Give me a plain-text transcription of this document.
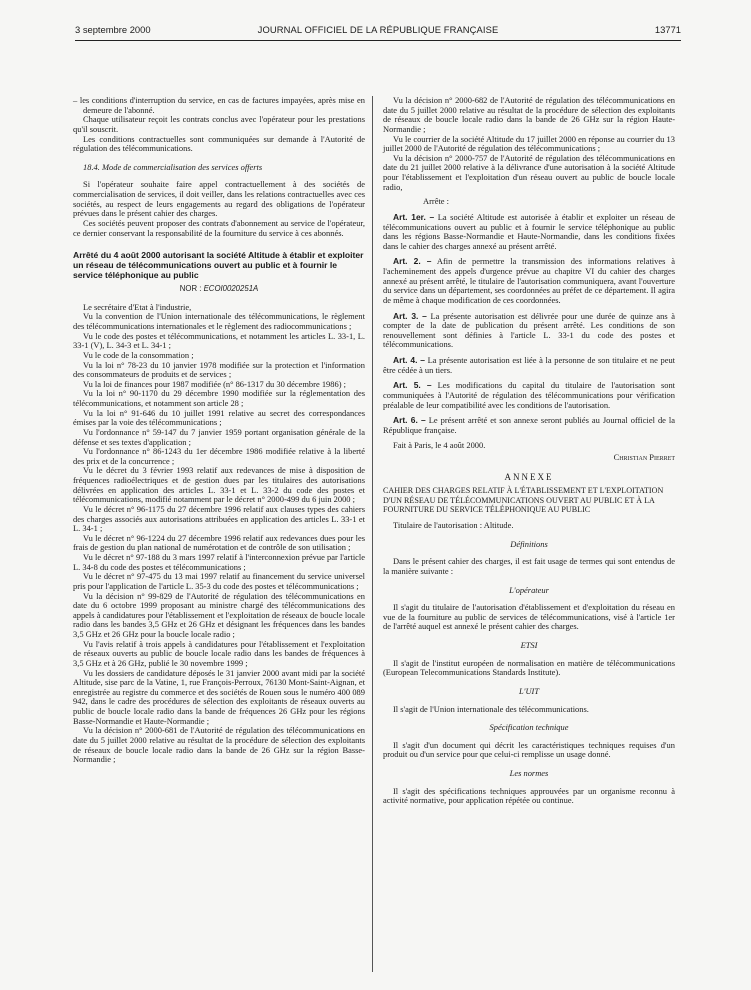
3 septembre 2000	JOURNAL OFFICIEL DE LA RÉPUBLIQUE FRANÇAISE	13771

– les conditions d'interruption du service, en cas de factures impayées, après mise en demeure de l'abonné.

Chaque utilisateur reçoit les contrats conclus avec l'opérateur pour les prestations qu'il souscrit.

Les conditions contractuelles sont communiquées sur demande à l'Autorité de régulation des télécommunications.

18.4. Mode de commercialisation des services offerts

Si l'opérateur souhaite faire appel contractuellement à des sociétés de commercialisation de services, il doit veiller, dans les relations contractuelles avec ces sociétés, au respect de leurs engagements au regard des obligations de l'opérateur prévues dans le présent cahier des charges.

Ces sociétés peuvent proposer des contrats d'abonnement au service de l'opérateur, ce dernier conservant la responsabilité de la fourniture du service à ces abonnés.

Arrêté du 4 août 2000 autorisant la société Altitude à établir et exploiter un réseau de télécommunications ouvert au public et à fournir le service téléphonique au public

NOR : ECOI0020251A

Le secrétaire d'Etat à l'industrie,

Vu la convention de l'Union internationale des télécommunications, le règlement des télécommunications internationales et le règlement des radiocommunications ;

Vu le code des postes et télécommunications, et notamment les articles L. 33-1, L. 33-1 (V), L. 34-3 et L. 34-1 ;

Vu le code de la consommation ;

Vu la loi n° 78-23 du 10 janvier 1978 modifiée sur la protection et l'information des consommateurs de produits et de services ;

Vu la loi de finances pour 1987 modifiée (n° 86-1317 du 30 décembre 1986) ;

Vu la loi n° 90-1170 du 29 décembre 1990 modifiée sur la réglementation des télécommunications, et notamment son article 28 ;

Vu la loi n° 91-646 du 10 juillet 1991 relative au secret des correspondances émises par la voie des télécommunications ;

Vu l'ordonnance n° 59-147 du 7 janvier 1959 portant organisation générale de la défense et ses textes d'application ;

Vu l'ordonnance n° 86-1243 du 1er décembre 1986 modifiée relative à la liberté des prix et de la concurrence ;

Vu le décret du 3 février 1993 relatif aux redevances de mise à disposition de fréquences radioélectriques et de gestion dues par les titulaires des autorisations délivrées en application des articles L. 33-1 et L. 33-2 du code des postes et télécommunications, modifié notamment par le décret n° 2000-499 du 6 juin 2000 ;

Vu le décret n° 96-1175 du 27 décembre 1996 relatif aux clauses types des cahiers des charges associés aux autorisations attribuées en application des articles L. 33-1 et L. 34-1 ;

Vu le décret n° 96-1224 du 27 décembre 1996 relatif aux redevances dues pour les frais de gestion du plan national de numérotation et de contrôle de son utilisation ;

Vu le décret n° 97-188 du 3 mars 1997 relatif à l'interconnexion prévue par l'article L. 34-8 du code des postes et télécommunications ;

Vu le décret n° 97-475 du 13 mai 1997 relatif au financement du service universel pris pour l'application de l'article L. 35-3 du code des postes et télécommunications ;

Vu la décision n° 99-829 de l'Autorité de régulation des télécommunications en date du 6 octobre 1999 proposant au ministre chargé des télécommunications des appels à candidatures pour l'établissement et l'exploitation de réseaux de boucle locale radio dans les bandes 3,5 GHz et 26 GHz et désignant les fréquences dans les bandes 3,5 GHz et 26 GHz pour la boucle locale radio ;

Vu l'avis relatif à trois appels à candidatures pour l'établissement et l'exploitation de réseaux ouverts au public de boucle locale radio dans les bandes de fréquences à 3,5 GHz et à 26 GHz, publié le 30 novembre 1999 ;

Vu les dossiers de candidature déposés le 31 janvier 2000 avant midi par la société Altitude, sise parc de la Vatine, 1, rue François-Perroux, 76130 Mont-Saint-Aignan, et enregistrée au registre du commerce et des sociétés de Rouen sous le numéro 400 089 942, dans le cadre des procédures de sélection des exploitants de réseaux ouverts au public de boucle locale radio dans la bande de fréquences 26 GHz pour les régions Basse-Normandie et Haute-Normandie ;

Vu la décision n° 2000-681 de l'Autorité de régulation des télécommunications en date du 5 juillet 2000 relative au résultat de la procédure de sélection des exploitants de réseaux de boucle locale radio dans la bande de 26 GHz sur la région Basse-Normandie ;

Vu la décision n° 2000-682 de l'Autorité de régulation des télécommunications en date du 5 juillet 2000 relative au résultat de la procédure de sélection des exploitants de réseaux de boucle locale radio dans la bande de 26 GHz sur la région Haute-Normandie ;

Vu le courrier de la société Altitude du 17 juillet 2000 en réponse au courrier du 13 juillet 2000 de l'Autorité de régulation des télécommunications ;

Vu la décision n° 2000-757 de l'Autorité de régulation des télécommunications en date du 21 juillet 2000 relative à la délivrance d'une autorisation à la société Altitude pour l'établissement et l'exploitation d'un réseau ouvert au public de boucle locale radio,

Arrête :

Art. 1er. – La société Altitude est autorisée à établir et exploiter un réseau de télécommunications ouvert au public et à fournir le service téléphonique au public dans les régions Basse-Normandie et Haute-Normandie, dans les conditions fixées dans le cahier des charges annexé au présent arrêté.

Art. 2. – Afin de permettre la transmission des informations relatives à l'acheminement des appels d'urgence prévue au chapitre VI du cahier des charges annexé au présent arrêté, le titulaire de l'autorisation communiquera, avant l'ouverture du service dans un département, ses coordonnées au préfet de ce département. Il agira de même à chaque modification de ces coordonnées.

Art. 3. – La présente autorisation est délivrée pour une durée de quinze ans à compter de la date de publication du présent arrêté. Les conditions de son renouvellement sont définies à l'article L. 33-1 du code des postes et télécommunications.

Art. 4. – La présente autorisation est liée à la personne de son titulaire et ne peut être cédée à un tiers.

Art. 5. – Les modifications du capital du titulaire de l'autorisation sont communiquées à l'Autorité de régulation des télécommunications pour vérification préalable de leur compatibilité avec les conditions de l'autorisation.

Art. 6. – Le présent arrêté et son annexe seront publiés au Journal officiel de la République française.

Fait à Paris, le 4 août 2000.

Christian Pierret

ANNEXE

CAHIER DES CHARGES RELATIF À L'ÉTABLISSEMENT ET L'EXPLOITATION D'UN RÉSEAU DE TÉLÉCOMMUNICATIONS OUVERT AU PUBLIC ET À LA FOURNITURE DU SERVICE TÉLÉPHONIQUE AU PUBLIC

Titulaire de l'autorisation : Altitude.

Définitions

Dans le présent cahier des charges, il est fait usage de termes qui sont entendus de la manière suivante :

L'opérateur

Il s'agit du titulaire de l'autorisation d'établissement et d'exploitation du réseau en vue de la fourniture au public de services de télécommunications, visé à l'article 1er de l'arrêté auquel est annexé le présent cahier des charges.

ETSI

Il s'agit de l'institut européen de normalisation en matière de télécommunications (European Telecommunications Standards Institute).

L'UIT

Il s'agit de l'Union internationale des télécommunications.

Spécification technique

Il s'agit d'un document qui décrit les caractéristiques techniques requises d'un produit ou d'un service pour que celui-ci remplisse un usage donné.

Les normes

Il s'agit des spécifications techniques approuvées par un organisme reconnu à activité normative, pour application répétée ou continue.
